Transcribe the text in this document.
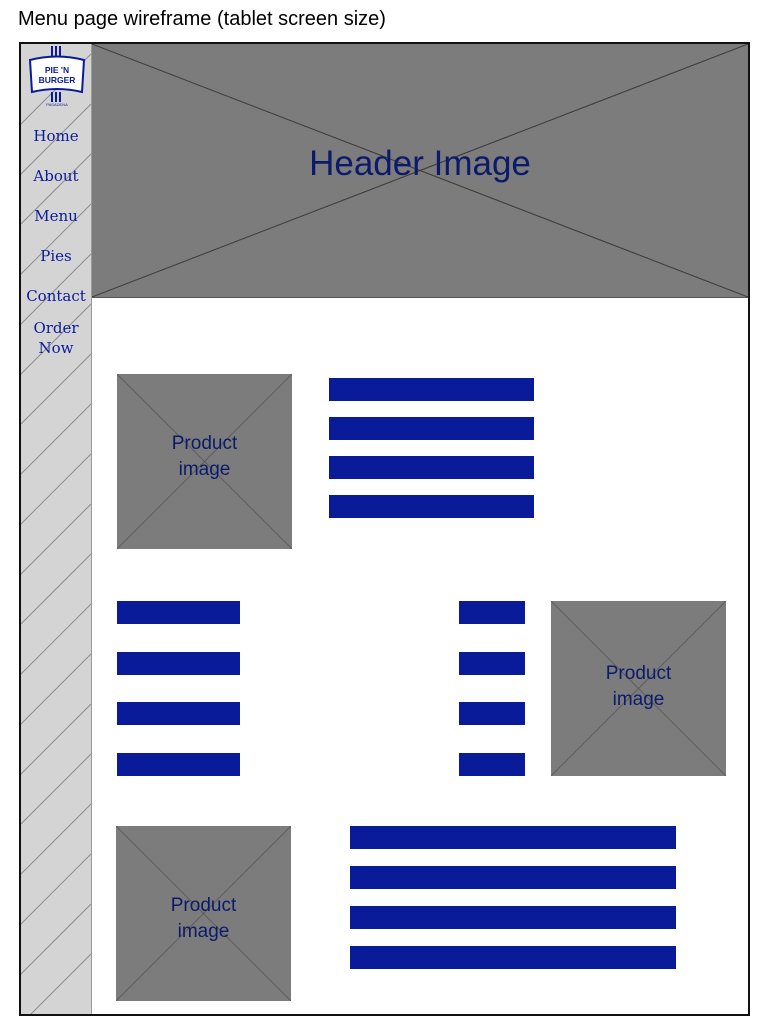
Menu page wireframe (tablet screen size)
PIE 'N
BURGER
PASADENA
Home
About
Menu
Pies
Contact
Order
Now
Header Image
Product
image
Product
image
Product
image
